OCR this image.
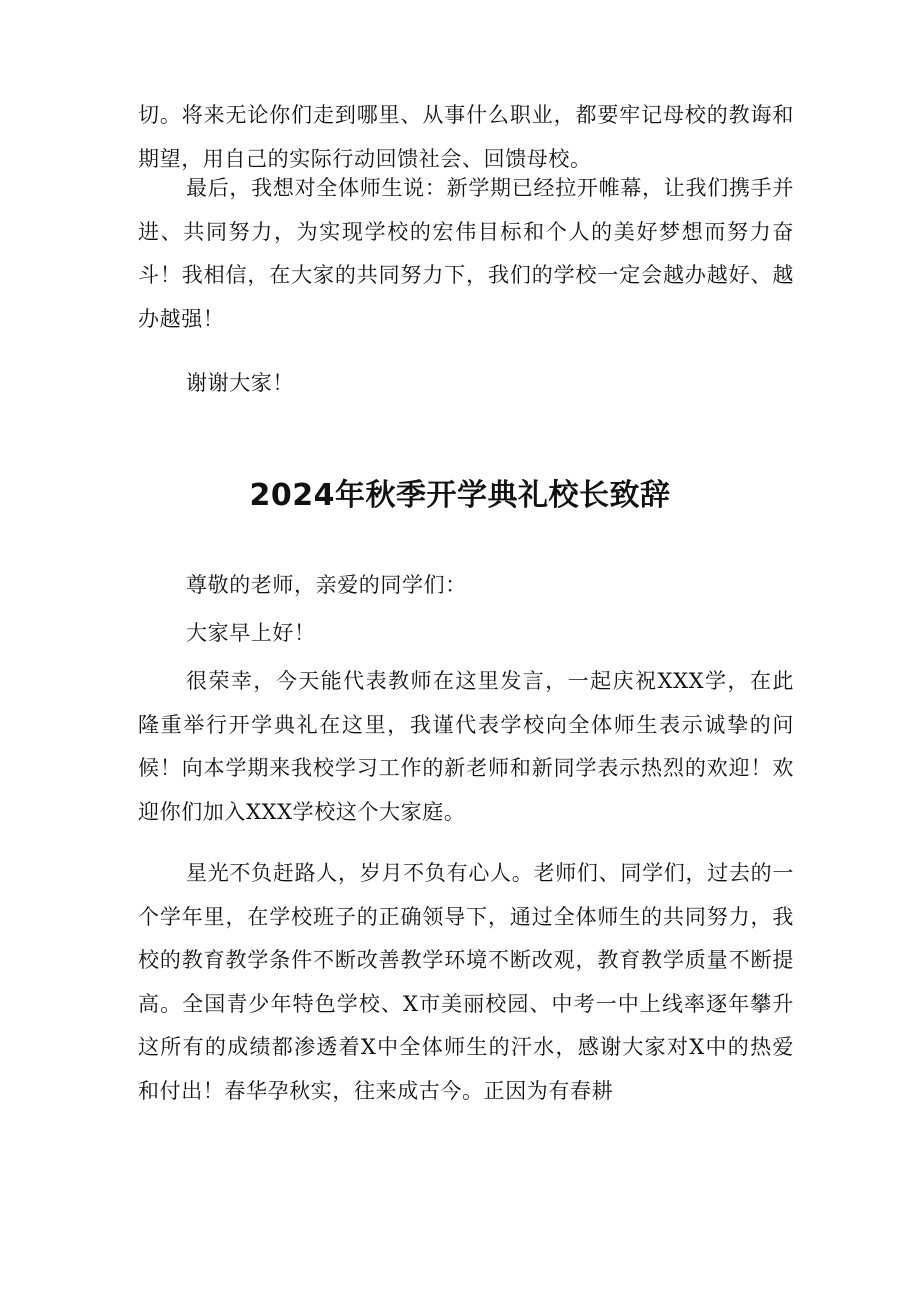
切。将来无论你们走到哪里、从事什么职业，都要牢记母校的教诲和期望，用自己的实际行动回馈社会、回馈母校。

最后，我想对全体师生说：新学期已经拉开帷幕，让我们携手并进、共同努力，为实现学校的宏伟目标和个人的美好梦想而努力奋斗！我相信，在大家的共同努力下，我们的学校一定会越办越好、越办越强！

谢谢大家！

2024年秋季开学典礼校长致辞

尊敬的老师，亲爱的同学们：

大家早上好！

很荣幸，今天能代表教师在这里发言，一起庆祝XXX学，在此隆重举行开学典礼在这里，我谨代表学校向全体师生表示诚挚的问候！向本学期来我校学习工作的新老师和新同学表示热烈的欢迎！欢迎你们加入XXX学校这个大家庭。

星光不负赶路人，岁月不负有心人。老师们、同学们，过去的一个学年里，在学校班子的正确领导下，通过全体师生的共同努力，我校的教育教学条件不断改善教学环境不断改观，教育教学质量不断提高。全国青少年特色学校、X市美丽校园、中考一中上线率逐年攀升这所有的成绩都渗透着X中全体师生的汗水，感谢大家对X中的热爱和付出！春华孕秋实，往来成古今。正因为有春耕
